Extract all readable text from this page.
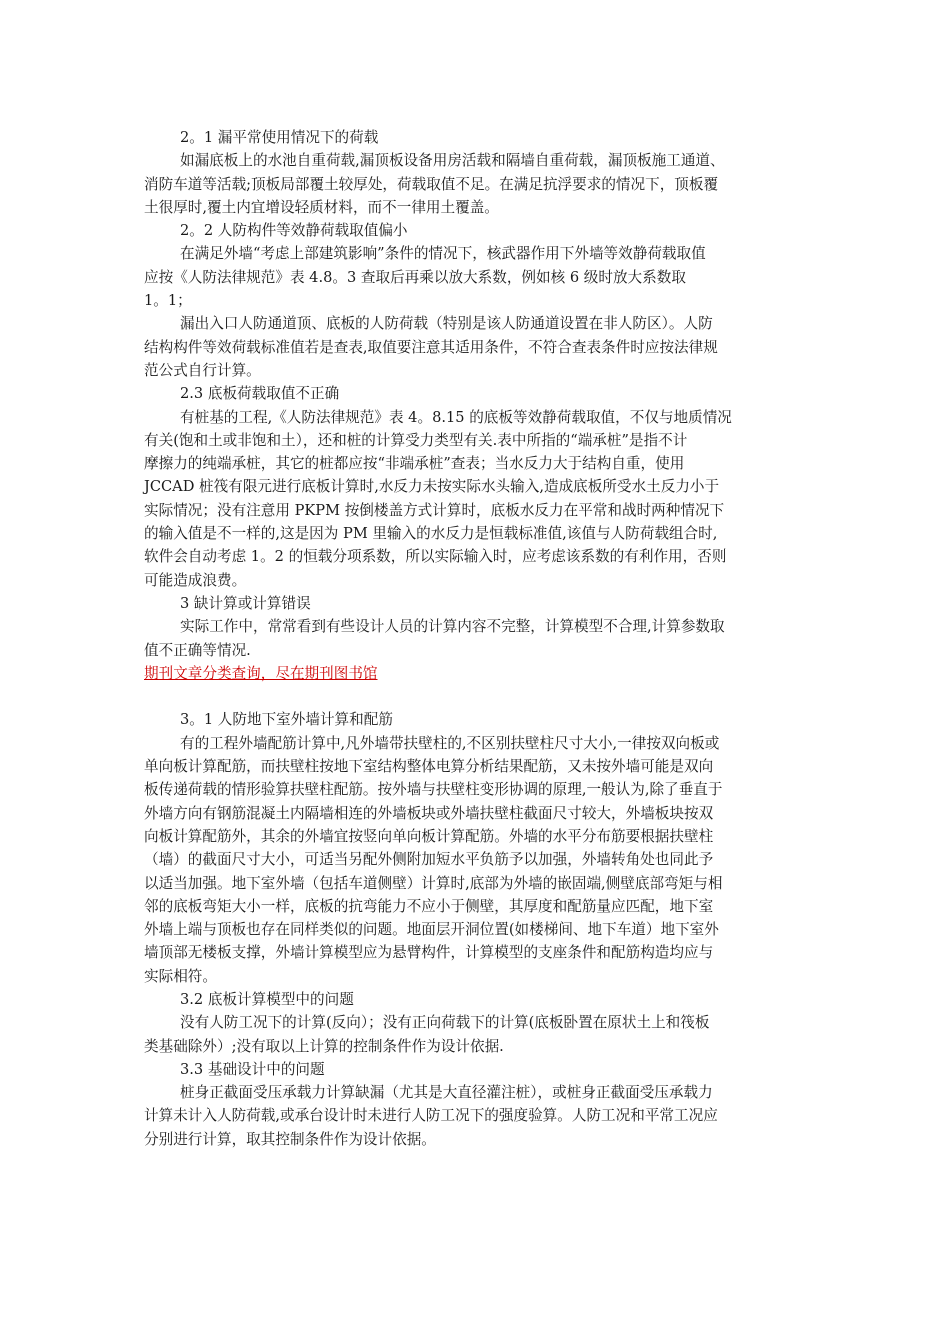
2。1 漏平常使用情况下的荷载
如漏底板上的水池自重荷载,漏顶板设备用房活载和隔墙自重荷载，漏顶板施工通道、
消防车道等活载;顶板局部覆土较厚处，荷载取值不足。在满足抗浮要求的情况下，顶板覆
土很厚时,覆土内宜增设轻质材料，而不一律用土覆盖。
2。2 人防构件等效静荷载取值偏小
在满足外墙“考虑上部建筑影响”条件的情况下，核武器作用下外墙等效静荷载取值
应按《人防法律规范》表 4.8。3 查取后再乘以放大系数，例如核 6 级时放大系数取
1。1；
漏出入口人防通道顶、底板的人防荷载（特别是该人防通道设置在非人防区）。人防
结构构件等效荷载标准值若是查表,取值要注意其适用条件，不符合查表条件时应按法律规
范公式自行计算。
2.3 底板荷载取值不正确
有桩基的工程,《人防法律规范》表 4。8.15 的底板等效静荷载取值，不仅与地质情况
有关(饱和土或非饱和土），还和桩的计算受力类型有关.表中所指的“端承桩”是指不计
摩擦力的纯端承桩，其它的桩都应按“非端承桩”查表；当水反力大于结构自重，使用
JCCAD 桩筏有限元进行底板计算时,水反力未按实际水头输入,造成底板所受水土反力小于
实际情况；没有注意用 PKPM 按倒楼盖方式计算时，底板水反力在平常和战时两种情况下
的输入值是不一样的,这是因为 PM 里输入的水反力是恒载标准值,该值与人防荷载组合时,
软件会自动考虑 1。2 的恒载分项系数，所以实际输入时，应考虑该系数的有利作用，否则
可能造成浪费。
3 缺计算或计算错误
实际工作中，常常看到有些设计人员的计算内容不完整，计算模型不合理,计算参数取
值不正确等情况.
期刊文章分类查询，尽在期刊图书馆
3。1 人防地下室外墙计算和配筋
有的工程外墙配筋计算中,凡外墙带扶壁柱的,不区别扶壁柱尺寸大小,一律按双向板或
单向板计算配筋，而扶壁柱按地下室结构整体电算分析结果配筋，又未按外墙可能是双向
板传递荷载的情形验算扶壁柱配筋。按外墙与扶壁柱变形协调的原理,一般认为,除了垂直于
外墙方向有钢筋混凝土内隔墙相连的外墙板块或外墙扶壁柱截面尺寸较大，外墙板块按双
向板计算配筋外，其余的外墙宜按竖向单向板计算配筋。外墙的水平分布筋要根据扶壁柱
（墙）的截面尺寸大小，可适当另配外侧附加短水平负筋予以加强，外墙转角处也同此予
以适当加强。地下室外墙（包括车道侧壁）计算时,底部为外墙的嵌固端,侧壁底部弯矩与相
邻的底板弯矩大小一样，底板的抗弯能力不应小于侧壁，其厚度和配筋量应匹配，地下室
外墙上端与顶板也存在同样类似的问题。地面层开洞位置(如楼梯间、地下车道）地下室外
墙顶部无楼板支撑，外墙计算模型应为悬臂构件，计算模型的支座条件和配筋构造均应与
实际相符。
3.2 底板计算模型中的问题
没有人防工况下的计算(反向）；没有正向荷载下的计算(底板卧置在原状土上和筏板
类基础除外）;没有取以上计算的控制条件作为设计依据.
3.3 基础设计中的问题
桩身正截面受压承载力计算缺漏（尤其是大直径灌注桩），或桩身正截面受压承载力
计算未计入人防荷载,或承台设计时未进行人防工况下的强度验算。人防工况和平常工况应
分别进行计算，取其控制条件作为设计依据。
